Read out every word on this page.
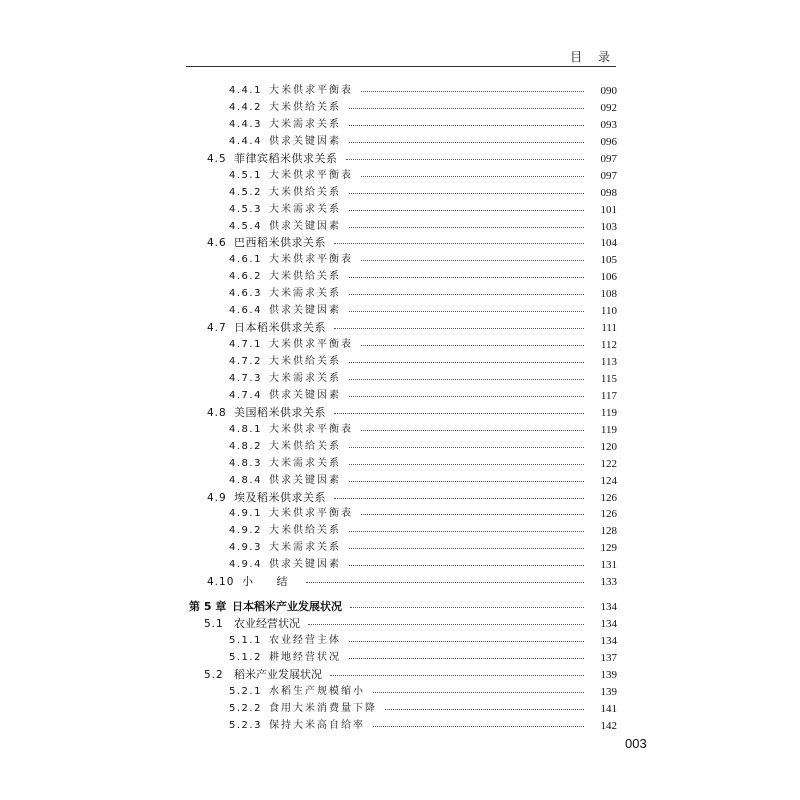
目 录
4.4.1 大米供求平衡表	090
4.4.2 大米供给关系	092
4.4.3 大米需求关系	093
4.4.4 供求关键因素	096
4.5 菲律宾稻米供求关系	097
4.5.1 大米供求平衡表	097
4.5.2 大米供给关系	098
4.5.3 大米需求关系	101
4.5.4 供求关键因素	103
4.6 巴西稻米供求关系	104
4.6.1 大米供求平衡表	105
4.6.2 大米供给关系	106
4.6.3 大米需求关系	108
4.6.4 供求关键因素	110
4.7 日本稻米供求关系	111
4.7.1 大米供求平衡表	112
4.7.2 大米供给关系	113
4.7.3 大米需求关系	115
4.7.4 供求关键因素	117
4.8 美国稻米供求关系	119
4.8.1 大米供求平衡表	119
4.8.2 大米供给关系	120
4.8.3 大米需求关系	122
4.8.4 供求关键因素	124
4.9 埃及稻米供求关系	126
4.9.1 大米供求平衡表	126
4.9.2 大米供给关系	128
4.9.3 大米需求关系	129
4.9.4 供求关键因素	131
4.10 小 结	133
第 5 章 日本稻米产业发展状况	134
5.1 农业经营状况	134
5.1.1 农业经营主体	134
5.1.2 耕地经营状况	137
5.2 稻米产业发展状况	139
5.2.1 水稻生产规模缩小	139
5.2.2 食用大米消费量下降	141
5.2.3 保持大米高自给率	142
003
